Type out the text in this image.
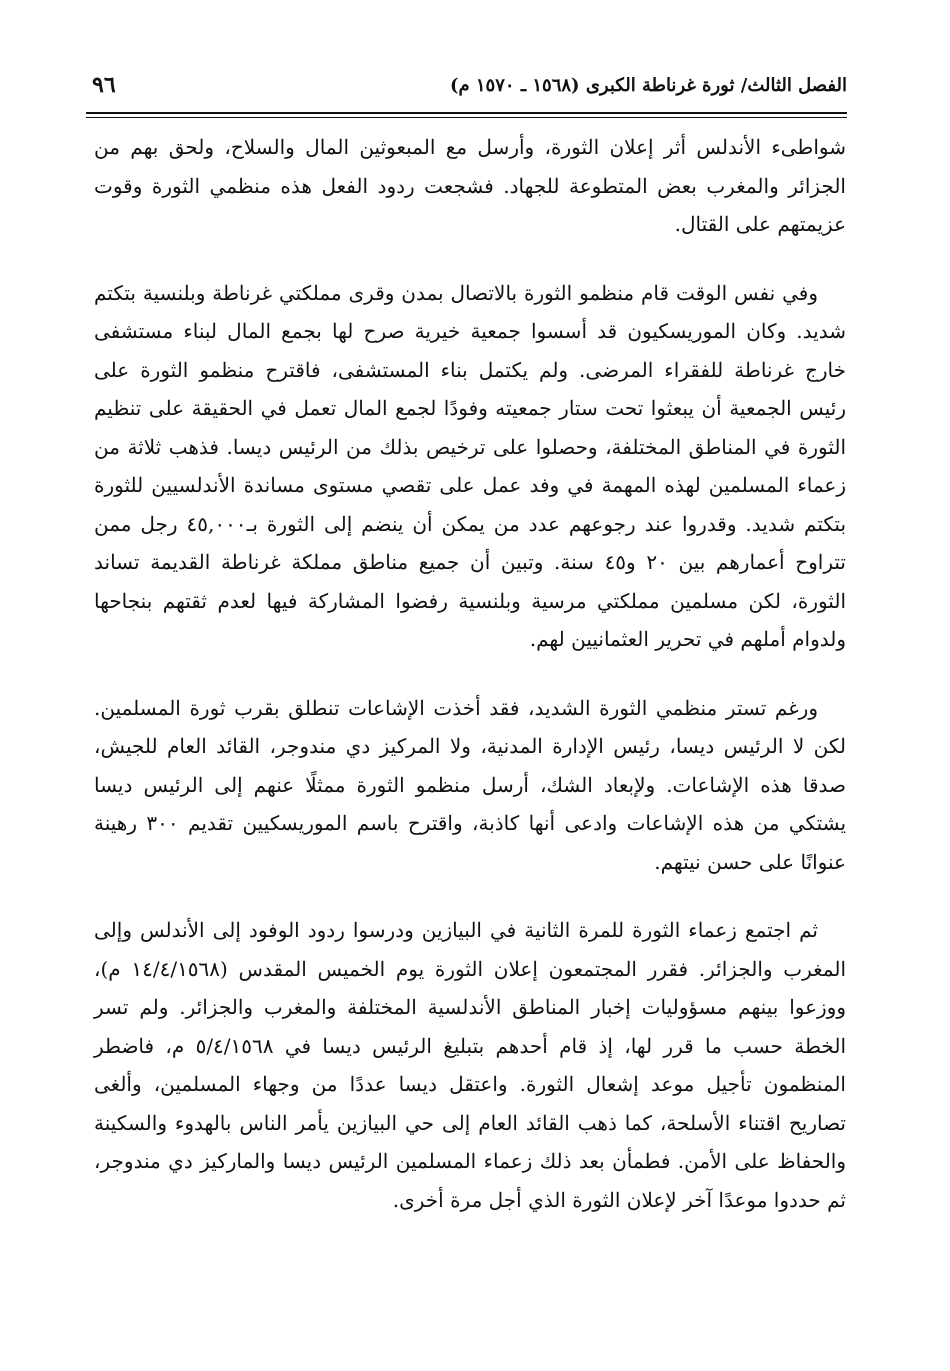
الفصل الثالث/ ثورة غرناطة الكبرى (١٥٦٨ ـ ١٥٧٠ م)
٩٦

شواطىء الأندلس أثر إعلان الثورة، وأرسل مع المبعوثين المال والسلاح، ولحق بهم من الجزائر والمغرب بعض المتطوعة للجهاد. فشجعت ردود الفعل هذه منظمي الثورة وقوت عزيمتهم على القتال.

وفي نفس الوقت قام منظمو الثورة بالاتصال بمدن وقرى مملكتي غرناطة وبلنسية بتكتم شديد. وكان الموريسكيون قد أسسوا جمعية خيرية صرح لها بجمع المال لبناء مستشفى خارج غرناطة للفقراء المرضى. ولم يكتمل بناء المستشفى، فاقترح منظمو الثورة على رئيس الجمعية أن يبعثوا تحت ستار جمعيته وفودًا لجمع المال تعمل في الحقيقة على تنظيم الثورة في المناطق المختلفة، وحصلوا على ترخيص بذلك من الرئيس ديسا. فذهب ثلاثة من زعماء المسلمين لهذه المهمة في وفد عمل على تقصي مستوى مساندة الأندلسيين للثورة بتكتم شديد. وقدروا عند رجوعهم عدد من يمكن أن ينضم إلى الثورة بـ٤٥,٠٠٠ رجل ممن تتراوح أعمارهم بين ٢٠ و٤٥ سنة. وتبين أن جميع مناطق مملكة غرناطة القديمة تساند الثورة، لكن مسلمين مملكتي مرسية وبلنسية رفضوا المشاركة فيها لعدم ثقتهم بنجاحها ولدوام أملهم في تحرير العثمانيين لهم.

ورغم تستر منظمي الثورة الشديد، فقد أخذت الإشاعات تنطلق بقرب ثورة المسلمين. لكن لا الرئيس ديسا، رئيس الإدارة المدنية، ولا المركيز دي مندوجر، القائد العام للجيش، صدقا هذه الإشاعات. ولإبعاد الشك، أرسل منظمو الثورة ممثلًا عنهم إلى الرئيس ديسا يشتكي من هذه الإشاعات وادعى أنها كاذبة، واقترح باسم الموريسكيين تقديم ٣٠٠ رهينة عنوانًا على حسن نيتهم.

ثم اجتمع زعماء الثورة للمرة الثانية في البيازين ودرسوا ردود الوفود إلى الأندلس وإلى المغرب والجزائر. فقرر المجتمعون إعلان الثورة يوم الخميس المقدس (١٤/٤/١٥٦٨ م)، ووزعوا بينهم مسؤوليات إخبار المناطق الأندلسية المختلفة والمغرب والجزائر. ولم تسر الخطة حسب ما قرر لها، إذ قام أحدهم بتبليغ الرئيس ديسا في ٥/٤/١٥٦٨ م، فاضطر المنظمون تأجيل موعد إشعال الثورة. واعتقل ديسا عددًا من وجهاء المسلمين، وألغى تصاريح اقتناء الأسلحة، كما ذهب القائد العام إلى حي البيازين يأمر الناس بالهدوء والسكينة والحفاظ على الأمن. فطمأن بعد ذلك زعماء المسلمين الرئيس ديسا والماركيز دي مندوجر، ثم حددوا موعدًا آخر لإعلان الثورة الذي أجل مرة أخرى.
